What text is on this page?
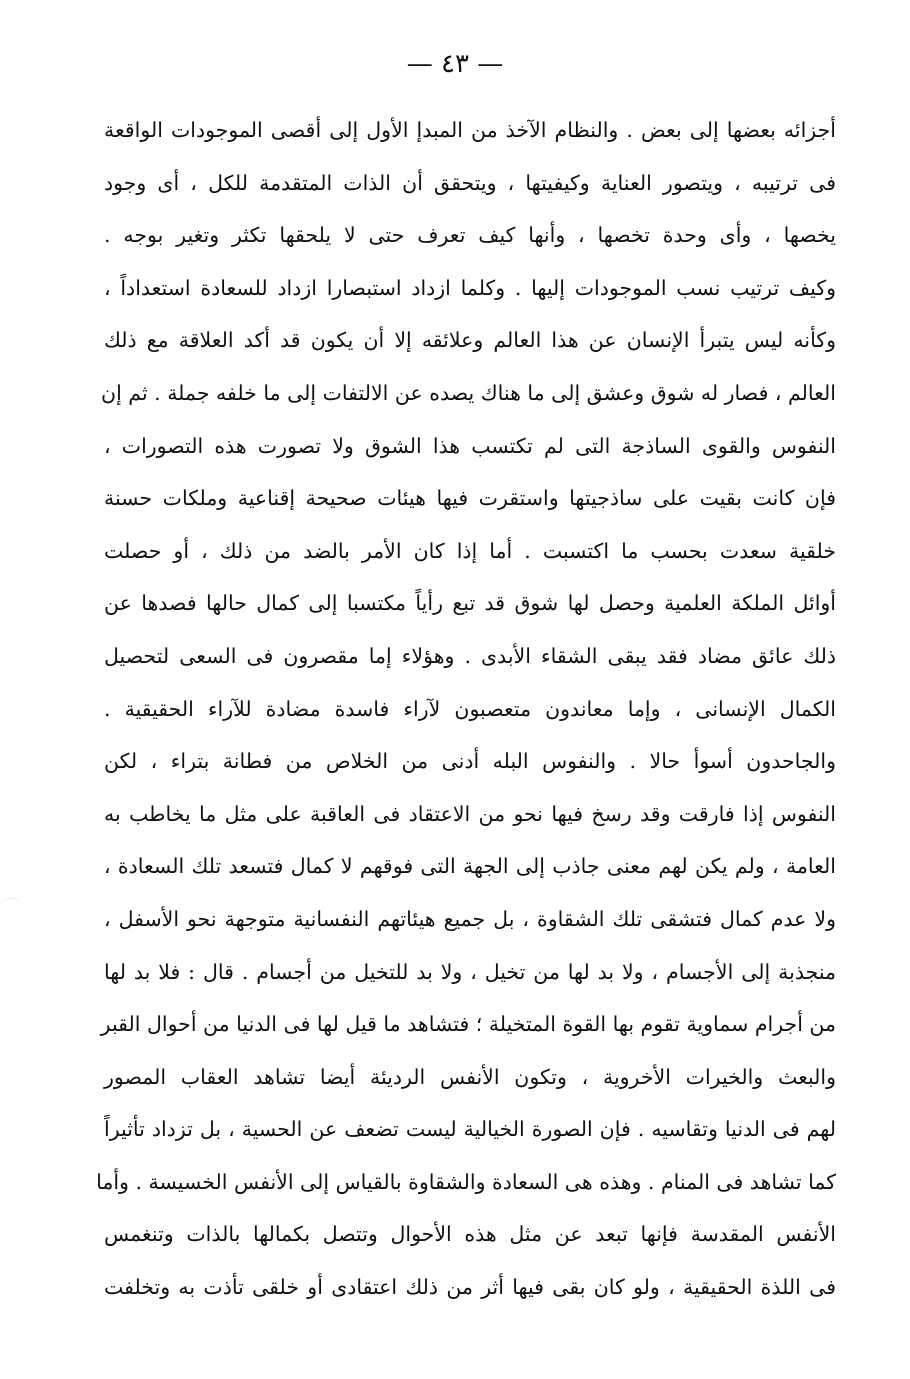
— ٤٣ —
أجزائه بعضها إلى بعض . والنظام الآخذ من المبدإ الأول إلى أقصى الموجودات الواقعة
فى ترتيبه ، ويتصور العناية وكيفيتها ، ويتحقق أن الذات المتقدمة للكل ، أى وجود
يخصها ، وأى وحدة تخصها ، وأنها كيف تعرف حتى لا يلحقها تكثر وتغير بوجه .
وكيف ترتيب نسب الموجودات إليها . وكلما ازداد استبصارا ازداد للسعادة استعداداً ،
وكأنه ليس يتبرأ الإنسان عن هذا العالم وعلائقه إلا أن يكون قد أكد العلاقة مع ذلك
العالم ، فصار له شوق وعشق إلى ما هناك يصده عن الالتفات إلى ما خلفه جملة . ثم إن
النفوس والقوى الساذجة التى لم تكتسب هذا الشوق ولا تصورت هذه التصورات ،
فإن كانت بقيت على ساذجيتها واستقرت فيها هيئات صحيحة إقناعية وملكات حسنة
خلقية سعدت بحسب ما اكتسبت . أما إذا كان الأمر بالضد من ذلك ، أو حصلت
أوائل الملكة العلمية وحصل لها شوق قد تبع رأياً مكتسبا إلى كمال حالها فصدها عن
ذلك عائق مضاد فقد يبقى الشقاء الأبدى . وهؤلاء إما مقصرون فى السعى لتحصيل
الكمال الإنسانى ، وإما معاندون متعصبون لآراء فاسدة مضادة للآراء الحقيقية .
والجاحدون أسوأ حالا . والنفوس البله أدنى من الخلاص من فطانة بتراء ، لكن
النفوس إذا فارقت وقد رسخ فيها نحو من الاعتقاد فى العاقبة على مثل ما يخاطب به
العامة ، ولم يكن لهم معنى جاذب إلى الجهة التى فوقهم لا كمال فتسعد تلك السعادة ،
ولا عدم كمال فتشقى تلك الشقاوة ، بل جميع هيئاتهم النفسانية متوجهة نحو الأسفل ،
منجذبة إلى الأجسام ، ولا بد لها من تخيل ، ولا بد للتخيل من أجسام . قال : فلا بد لها
من أجرام سماوية تقوم بها القوة المتخيلة ؛ فتشاهد ما قيل لها فى الدنيا من أحوال القبر
والبعث والخيرات الأخروية ، وتكون الأنفس الرديئة أيضا تشاهد العقاب المصور
لهم فى الدنيا وتقاسيه . فإن الصورة الخيالية ليست تضعف عن الحسية ، بل تزداد تأثيراً
كما تشاهد فى المنام . وهذه هى السعادة والشقاوة بالقياس إلى الأنفس الخسيسة . وأما
الأنفس المقدسة فإنها تبعد عن مثل هذه الأحوال وتتصل بكمالها بالذات وتنغمس
فى اللذة الحقيقية ، ولو كان بقى فيها أثر من ذلك اعتقادى أو خلقى تأذت به وتخلفت
